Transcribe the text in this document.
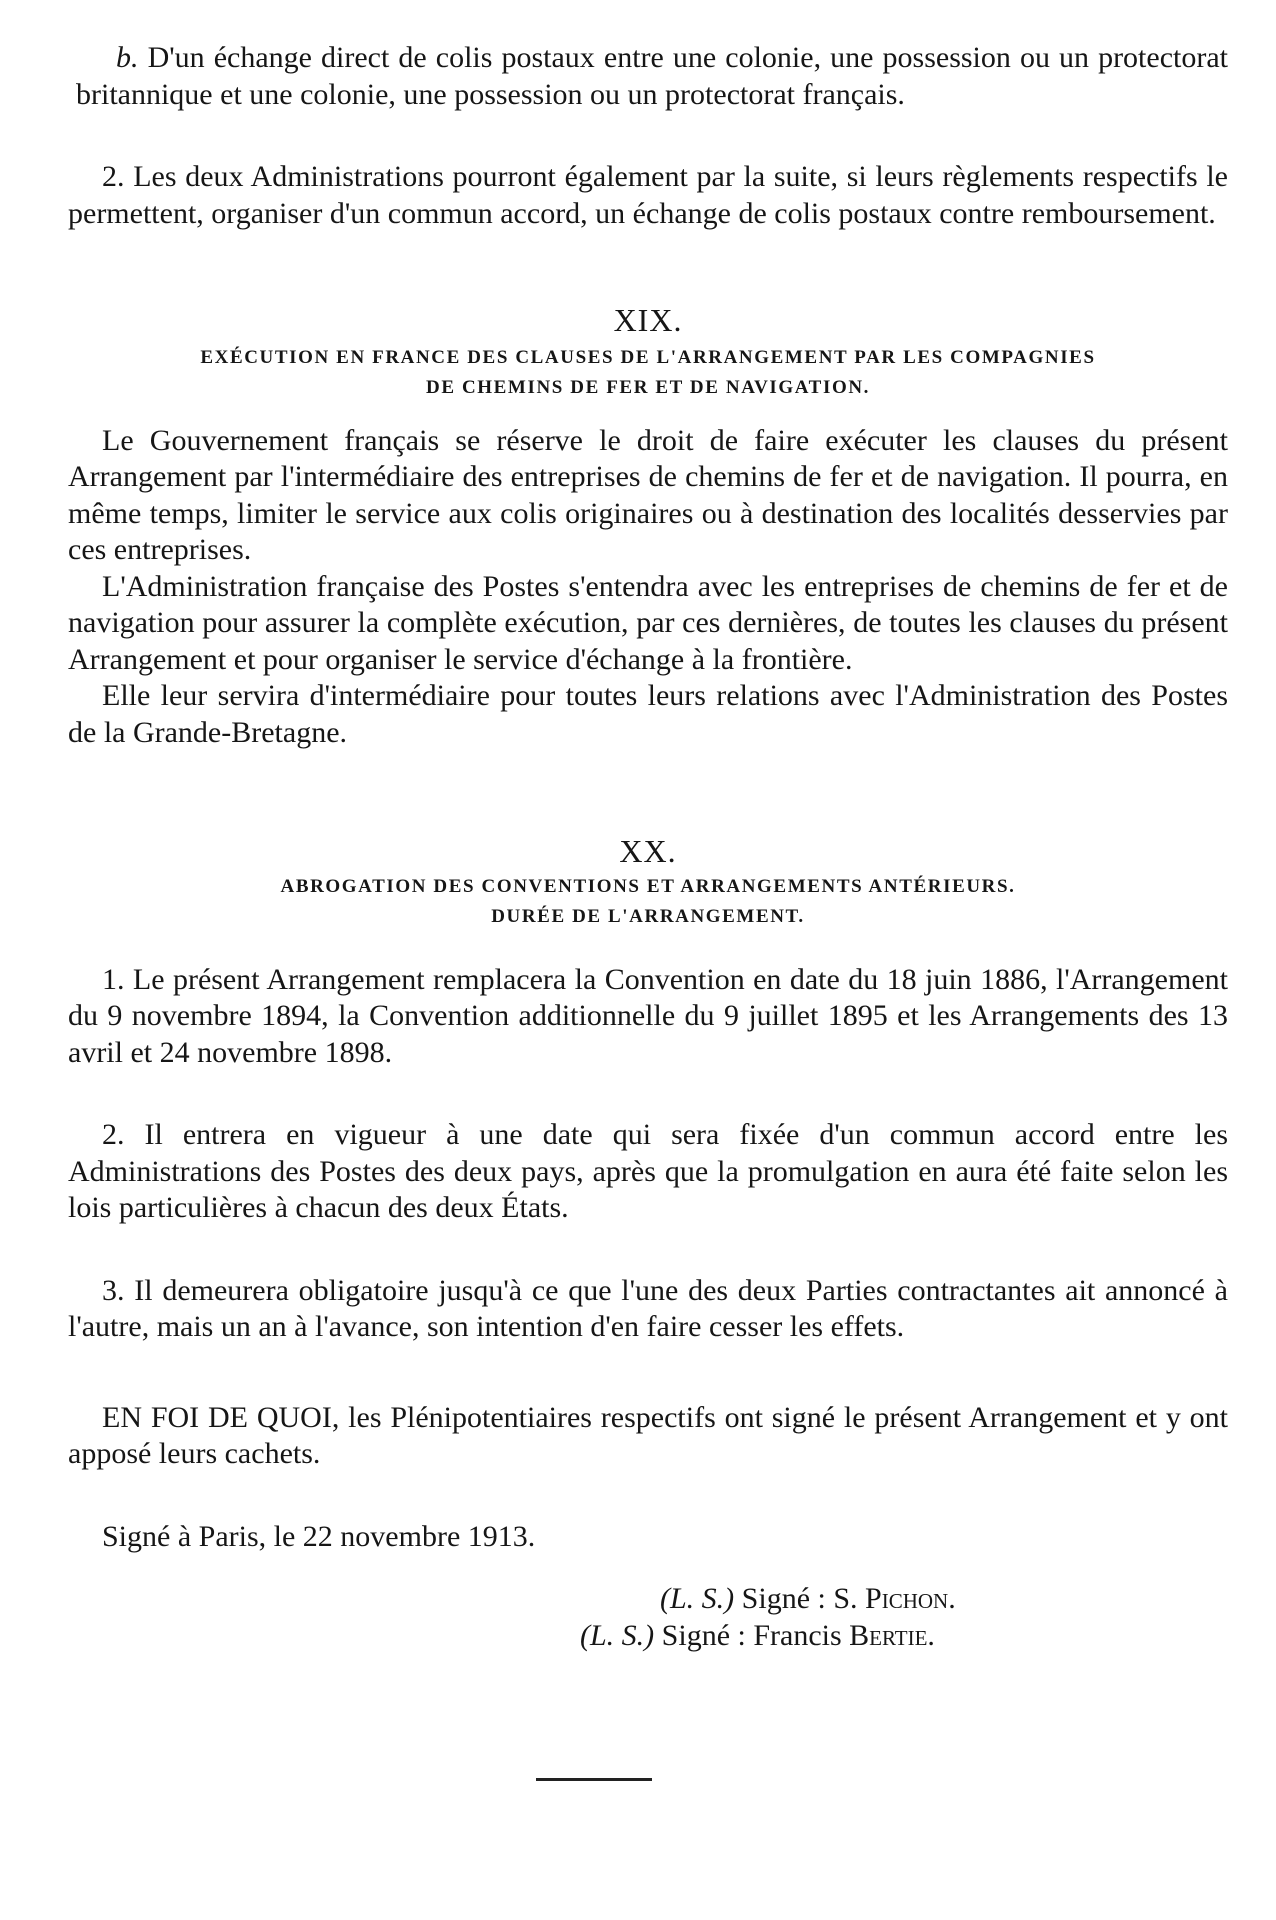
b. D'un échange direct de colis postaux entre une colonie, une possession ou un protectorat britannique et une colonie, une possession ou un protectorat français.

2. Les deux Administrations pourront également par la suite, si leurs règlements respectifs le permettent, organiser d'un commun accord, un échange de colis postaux contre remboursement.

XIX.

EXÉCUTION EN FRANCE DES CLAUSES DE L'ARRANGEMENT PAR LES COMPAGNIES

DE CHEMINS DE FER ET DE NAVIGATION.

Le Gouvernement français se réserve le droit de faire exécuter les clauses du présent Arrangement par l'intermédiaire des entreprises de chemins de fer et de navigation. Il pourra, en même temps, limiter le service aux colis originaires ou à destination des localités desservies par ces entreprises.

L'Administration française des Postes s'entendra avec les entreprises de chemins de fer et de navigation pour assurer la complète exécution, par ces dernières, de toutes les clauses du présent Arrangement et pour organiser le service d'échange à la frontière.

Elle leur servira d'intermédiaire pour toutes leurs relations avec l'Administration des Postes de la Grande-Bretagne.

XX.

ABROGATION DES CONVENTIONS ET ARRANGEMENTS ANTÉRIEURS.

DURÉE DE L'ARRANGEMENT.

1. Le présent Arrangement remplacera la Convention en date du 18 juin 1886, l'Arrangement du 9 novembre 1894, la Convention additionnelle du 9 juillet 1895 et les Arrangements des 13 avril et 24 novembre 1898.

2. Il entrera en vigueur à une date qui sera fixée d'un commun accord entre les Administrations des Postes des deux pays, après que la promulgation en aura été faite selon les lois particulières à chacun des deux États.

3. Il demeurera obligatoire jusqu'à ce que l'une des deux Parties contractantes ait annoncé à l'autre, mais un an à l'avance, son intention d'en faire cesser les effets.

EN FOI DE QUOI, les Plénipotentiaires respectifs ont signé le présent Arrangement et y ont apposé leurs cachets.

Signé à Paris, le 22 novembre 1913.

(L. S.) Signé : S. Pichon.

(L. S.) Signé : Francis Bertie.
